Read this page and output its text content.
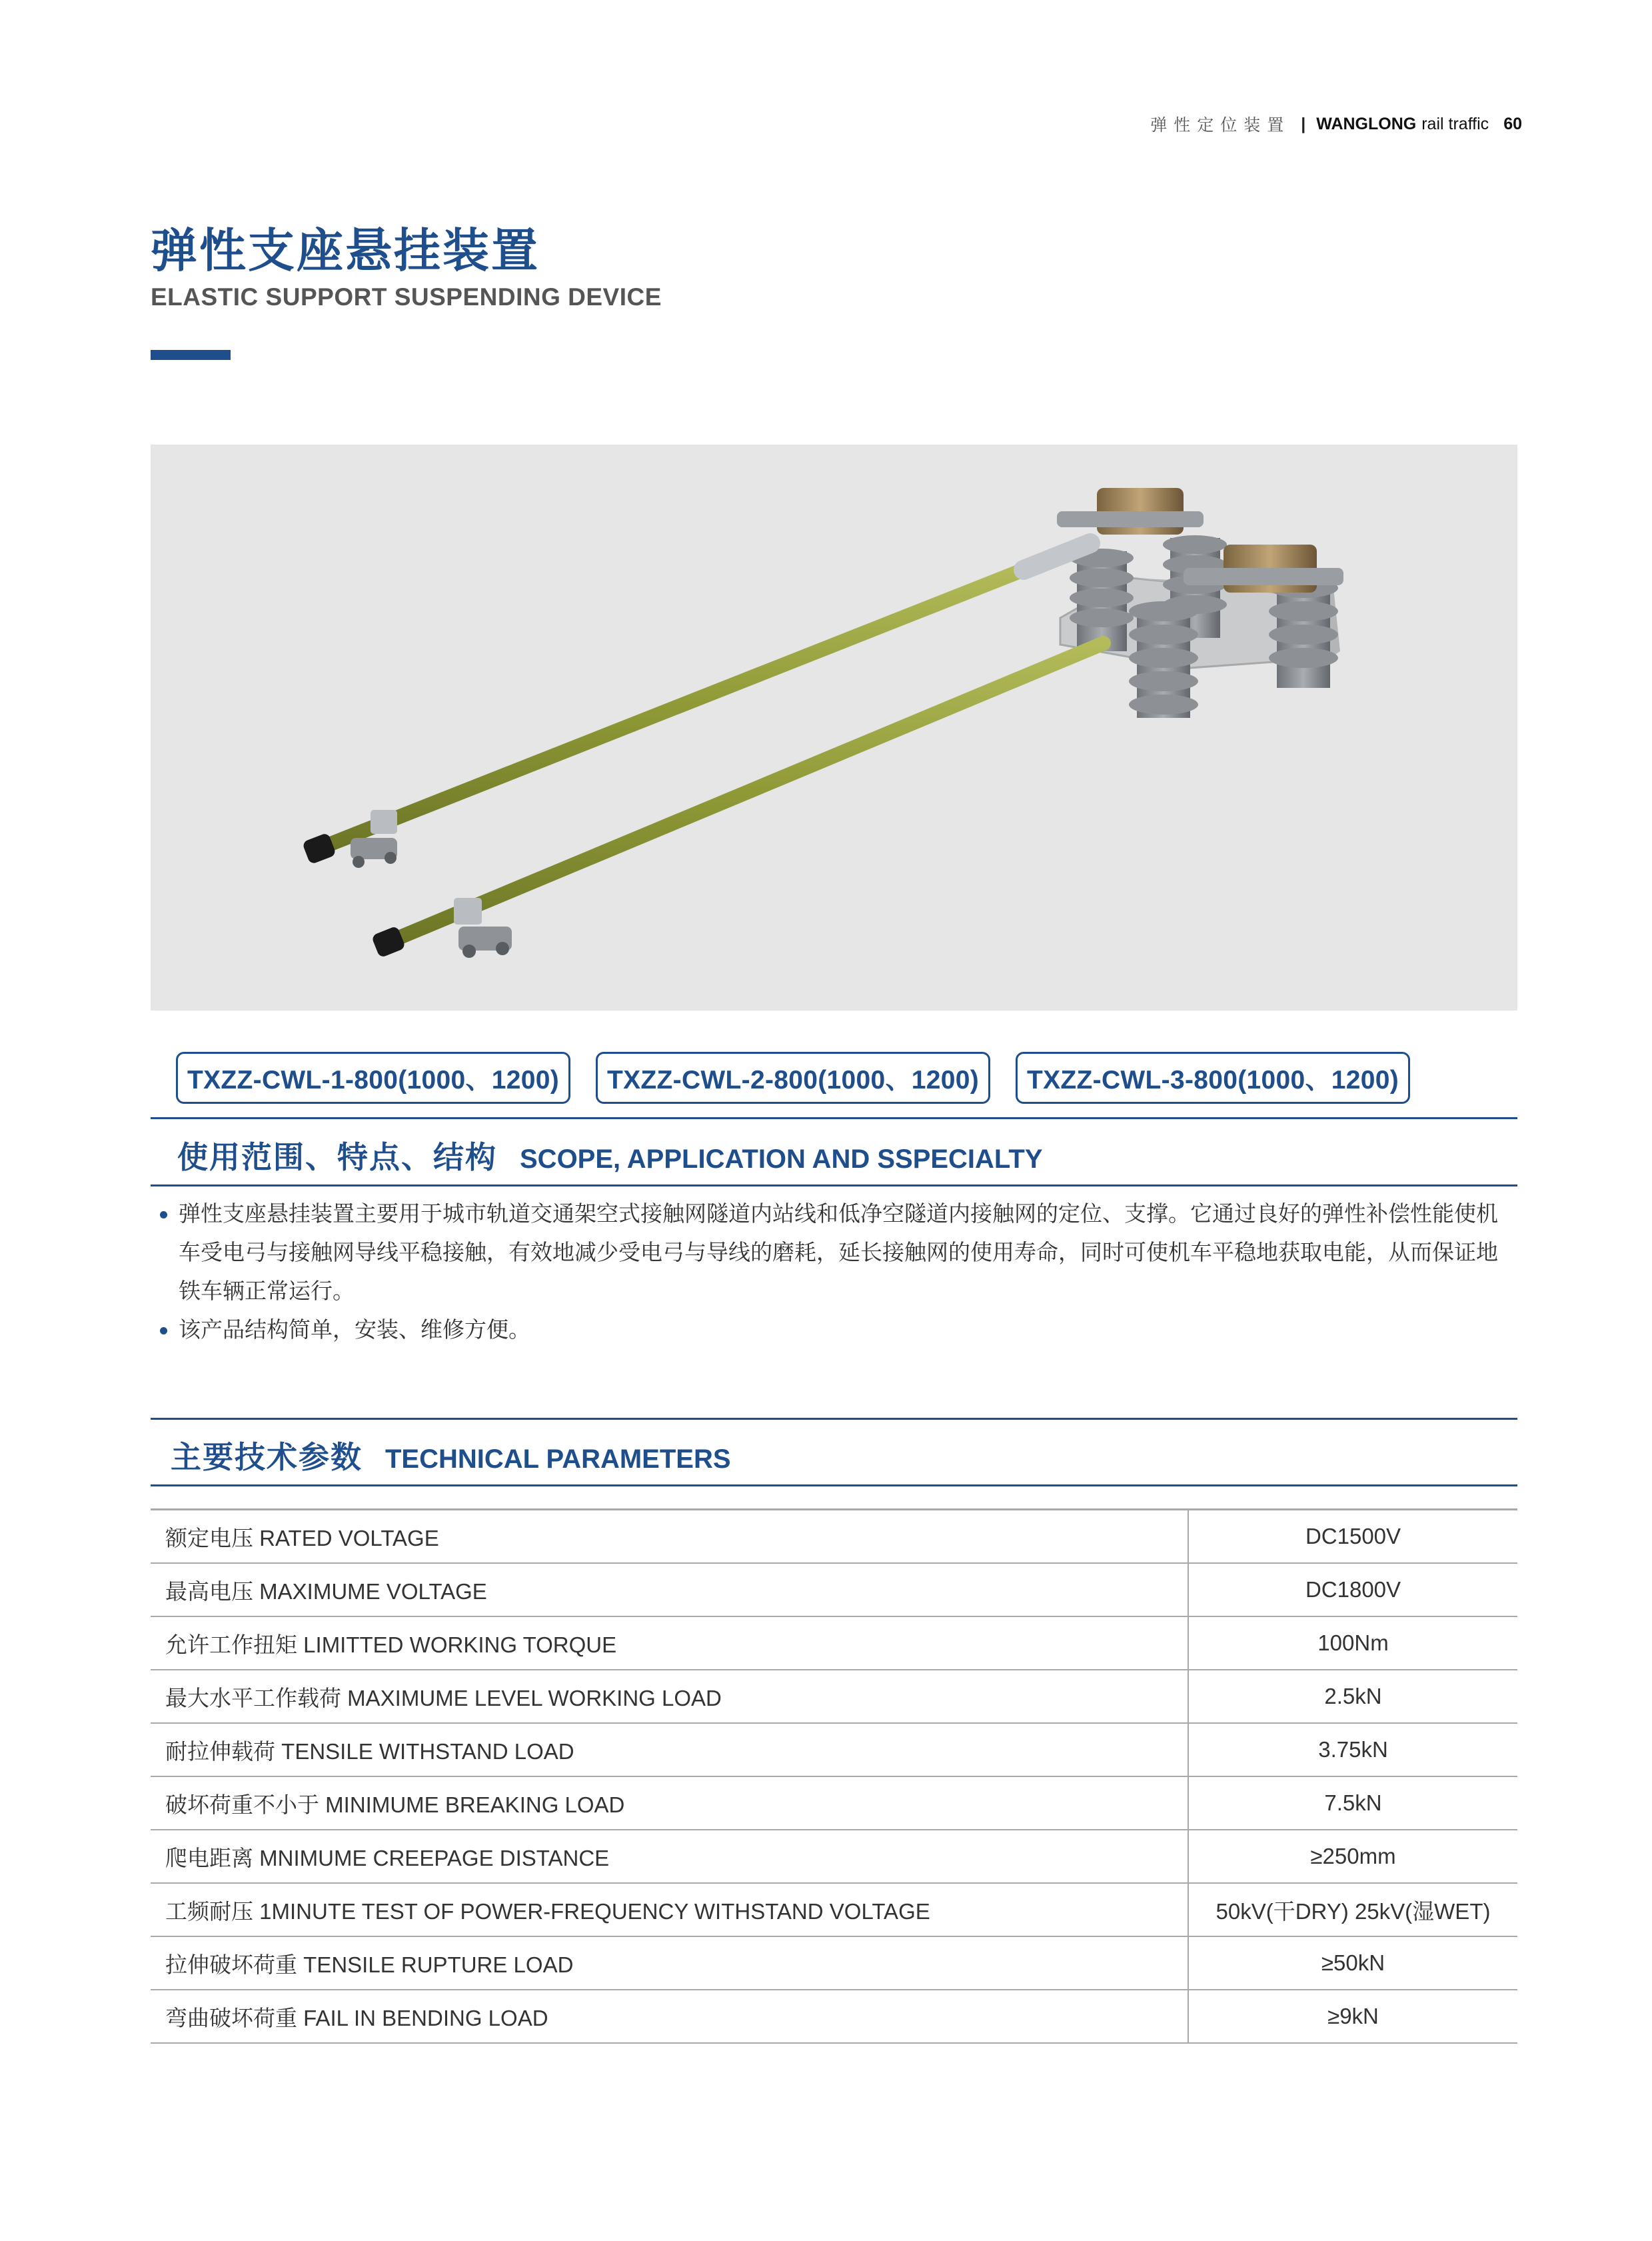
弹性定位装置 | WANGLONG rail traffic 60
弹性支座悬挂装置
ELASTIC SUPPORT SUSPENDING DEVICE
TXZZ-CWL-1-800(1000、1200)	TXZZ-CWL-2-800(1000、1200)	TXZZ-CWL-3-800(1000、1200)
使用范围、特点、结构 SCOPE, APPLICATION AND SSPECIALTY

弹性支座悬挂装置主要用于城市轨道交通架空式接触网隧道内站线和低净空隧道内接触网的定位、支撑。它通过良好的弹性补偿性能使机车受电弓与接触网导线平稳接触，有效地减少受电弓与导线的磨耗，延长接触网的使用寿命，同时可使机车平稳地获取电能，从而保证地铁车辆正常运行。

该产品结构简单，安装、维修方便。

主要技术参数 TECHNICAL PARAMETERS
额定电压 RATED VOLTAGE	DC1500V
最高电压 MAXIMUME VOLTAGE	DC1800V
允许工作扭矩 LIMITTED WORKING TORQUE	100Nm
最大水平工作载荷 MAXIMUME LEVEL WORKING LOAD	2.5kN
耐拉伸载荷 TENSILE WITHSTAND LOAD	3.75kN
破坏荷重不小于 MINIMUME BREAKING LOAD	7.5kN
爬电距离 MNIMUME CREEPAGE DISTANCE	≥250mm
工频耐压 1MINUTE TEST OF POWER-FREQUENCY WITHSTAND VOLTAGE	50kV(干DRY) 25kV(湿WET)
拉伸破坏荷重 TENSILE RUPTURE LOAD	≥50kN
弯曲破坏荷重 FAIL IN BENDING LOAD	≥9kN
